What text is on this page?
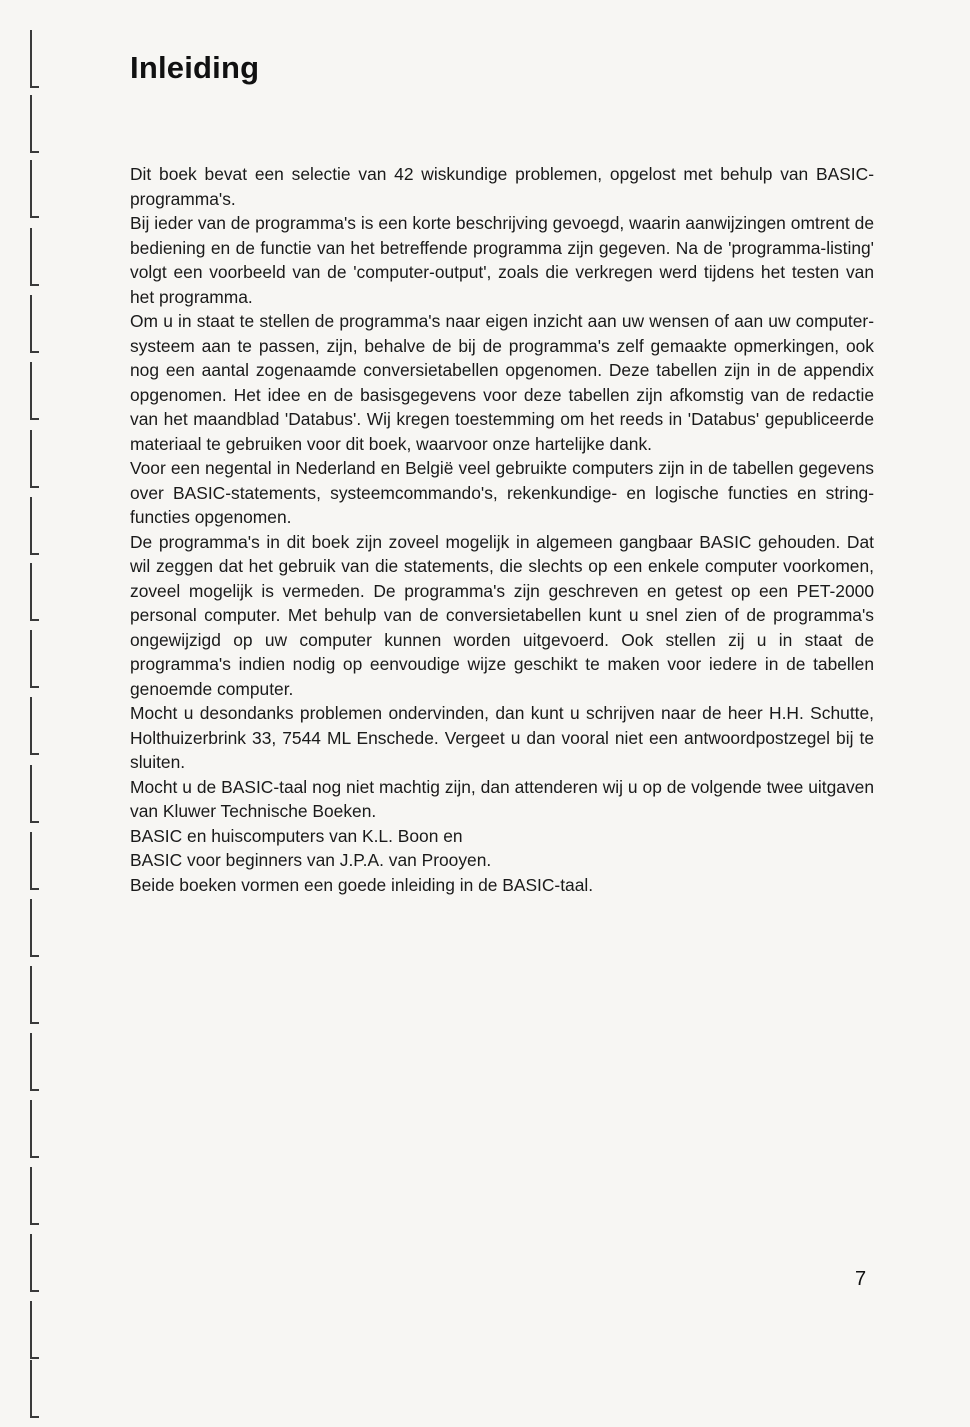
Inleiding

Dit boek bevat een selectie van 42 wiskundige problemen, opgelost met behulp van BASIC-programma's.

Bij ieder van de programma's is een korte beschrijving gevoegd, waarin aanwijzingen omtrent de bediening en de functie van het betreffende programma zijn gegeven. Na de 'programma-listing' volgt een voorbeeld van de 'computer-output', zoals die verkregen werd tijdens het testen van het programma.

Om u in staat te stellen de programma's naar eigen inzicht aan uw wensen of aan uw computer-systeem aan te passen, zijn, behalve de bij de programma's zelf gemaakte opmerkingen, ook nog een aantal zogenaamde conversietabellen opgenomen. Deze tabellen zijn in de appendix opgenomen. Het idee en de basisgegevens voor deze tabellen zijn afkomstig van de redactie van het maandblad 'Databus'. Wij kregen toestemming om het reeds in 'Databus' gepubliceerde materiaal te gebruiken voor dit boek, waarvoor onze hartelijke dank.

Voor een negental in Nederland en België veel gebruikte computers zijn in de tabellen gegevens over BASIC-statements, systeemcommando's, rekenkundige- en logische functies en string-functies opgenomen.

De programma's in dit boek zijn zoveel mogelijk in algemeen gangbaar BASIC gehouden. Dat wil zeggen dat het gebruik van die statements, die slechts op een enkele computer voorkomen, zoveel mogelijk is vermeden. De programma's zijn geschreven en getest op een PET-2000 personal computer. Met behulp van de conversietabellen kunt u snel zien of de programma's ongewijzigd op uw computer kunnen worden uitgevoerd. Ook stellen zij u in staat de programma's indien nodig op eenvoudige wijze geschikt te maken voor iedere in de tabellen genoemde computer.

Mocht u desondanks problemen ondervinden, dan kunt u schrijven naar de heer H.H. Schutte, Holthuizerbrink 33, 7544 ML Enschede. Vergeet u dan vooral niet een antwoordpostzegel bij te sluiten.

Mocht u de BASIC-taal nog niet machtig zijn, dan attenderen wij u op de volgende twee uitgaven van Kluwer Technische Boeken.

BASIC en huiscomputers van K.L. Boon en

BASIC voor beginners van J.P.A. van Prooyen.

Beide boeken vormen een goede inleiding in de BASIC-taal.

7
